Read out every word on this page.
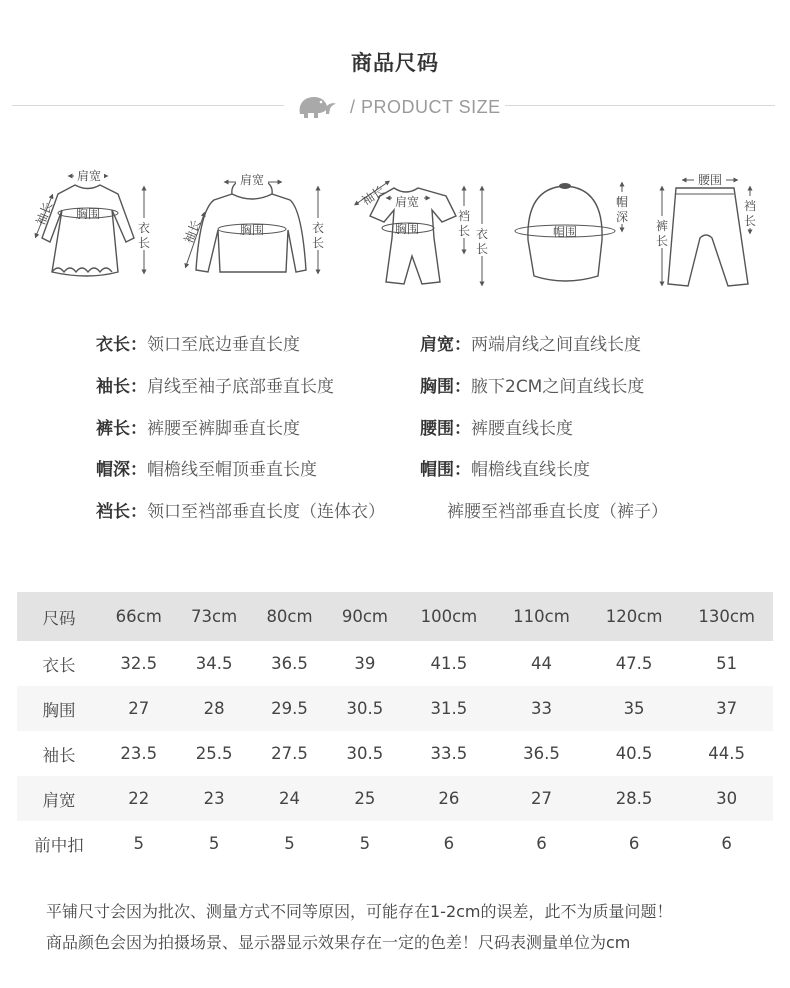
商品尺码
/ PRODUCT SIZE
肩宽
胸围
袖长
衣
长
肩宽
胸围
袖长	衣
长
肩宽
胸围
袖长
裆
长 衣
长
帽围
帽
深
腰围
裤
长
裆
长
衣长：领口至底边垂直长度	肩宽：两端肩线之间直线长度
袖长：肩线至袖子底部垂直长度	胸围：腋下2CM之间直线长度
裤长：裤腰至裤脚垂直长度	腰围：裤腰直线长度
帽深：帽檐线至帽顶垂直长度	帽围：帽檐线直线长度
裆长：领口至裆部垂直长度（连体衣）	裤腰至裆部垂直长度（裤子）
尺码	66cm	73cm	80cm	90cm	100cm	110cm	120cm	130cm
衣长	32.5	34.5	36.5	39	41.5	44	47.5	51
胸围	27	28	29.5	30.5	31.5	33	35	37
袖长	23.5	25.5	27.5	30.5	33.5	36.5	40.5	44.5
肩宽	22	23	24	25	26	27	28.5	30
前中扣	5	5	5	5	6	6	6	6
平铺尺寸会因为批次、测量方式不同等原因，可能存在1-2cm的误差，此不为质量问题！
商品颜色会因为拍摄场景、显示器显示效果存在一定的色差！尺码表测量单位为cm
